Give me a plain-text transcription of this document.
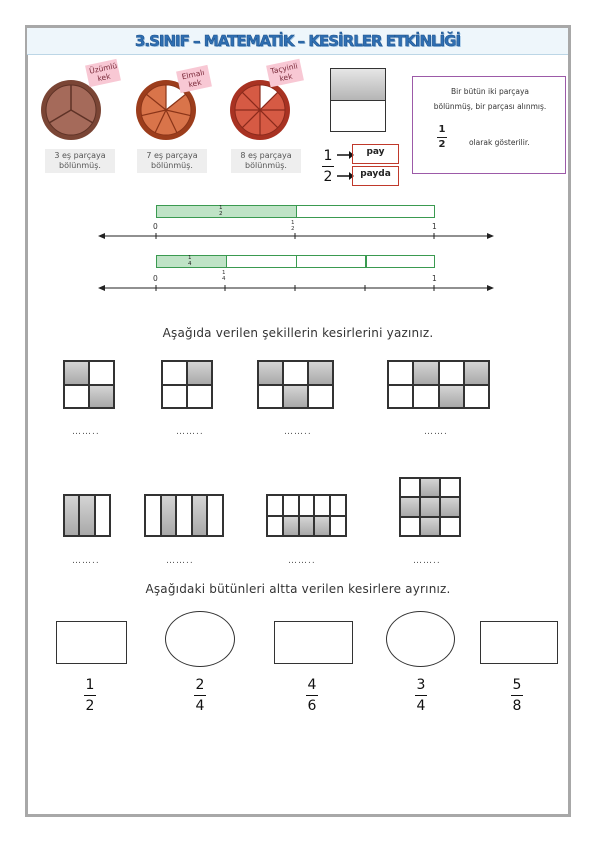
3.SINIF – MATEMATİK – KESİRLER ETKİNLİĞİ
Üzümlü kek
3 eş parçaya
bölünmüş.
Elmalı kek
7 eş parçaya
bölünmüş.
Taçyinli kek
8 eş parçaya
bölünmüş.
1
2
pay
payda
Bir bütün iki parçaya
bölünmüş, bir parçası alınmış.
1
2	olarak gösterilir.
1
2
0	1
2	1
1
4
0
1
4	1
Aşağıda verilen şekillerin kesirlerini yazınız.
……..	……..	……..	…….
……..	……..	……..	……..
Aşağıdaki bütünleri altta verilen kesirlere ayrınız.
1
2
2
4
4
6
3
4
5
8
